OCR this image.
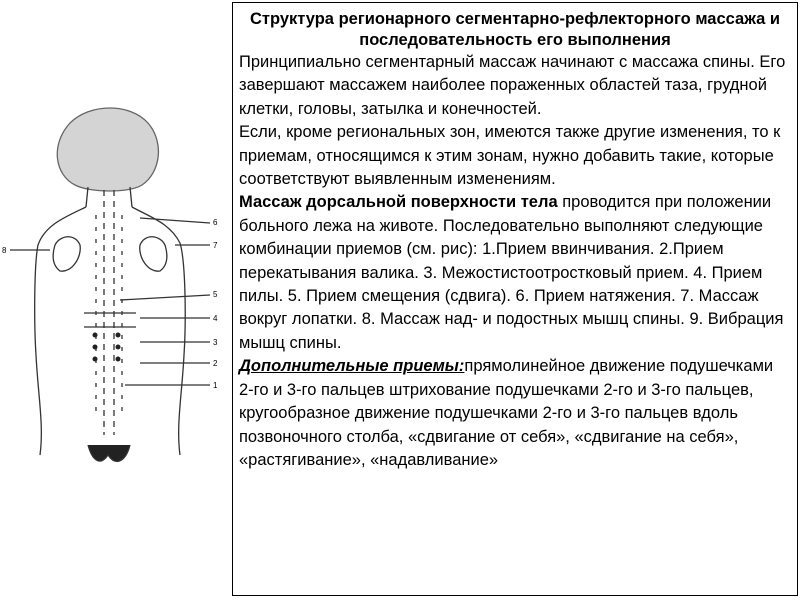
6
7
8
5
4
3
2
1
Структура регионарного сегментарно-рефлекторного массажа и последовательность его выполнения

Принципиально сегментарный массаж начинают с массажа спины. Его завершают массажем наиболее пораженных областей таза, грудной клетки, головы, затылка и конечностей.

Если, кроме региональных зон, имеются также другие изменения, то к приемам, относящимся к этим зонам, нужно добавить такие, которые соответствуют выявленным изменениям.

Массаж дорсальной поверхности тела проводится при положении больного лежа на животе. Последовательно выполняют следующие комбинации приемов (см. рис): 1.Прием ввинчивания. 2.Прием перекатывания валика. 3. Межостистоотростковый прием. 4. Прием пилы. 5. Прием смещения (сдвига). 6. Прием натяжения. 7. Массаж вокруг лопатки. 8. Массаж над- и подостных мышц спины. 9. Вибрация мышц спины.

Дополнительные приемы:прямолинейное движение подушечками 2-го и 3-го пальцев штрихование подушечками 2-го и 3-го пальцев, кругообразное движение подушечками 2-го и 3-го пальцев вдоль позвоночного столба, «сдвигание от себя», «сдвигание на себя», «растягивание», «надавливание»
